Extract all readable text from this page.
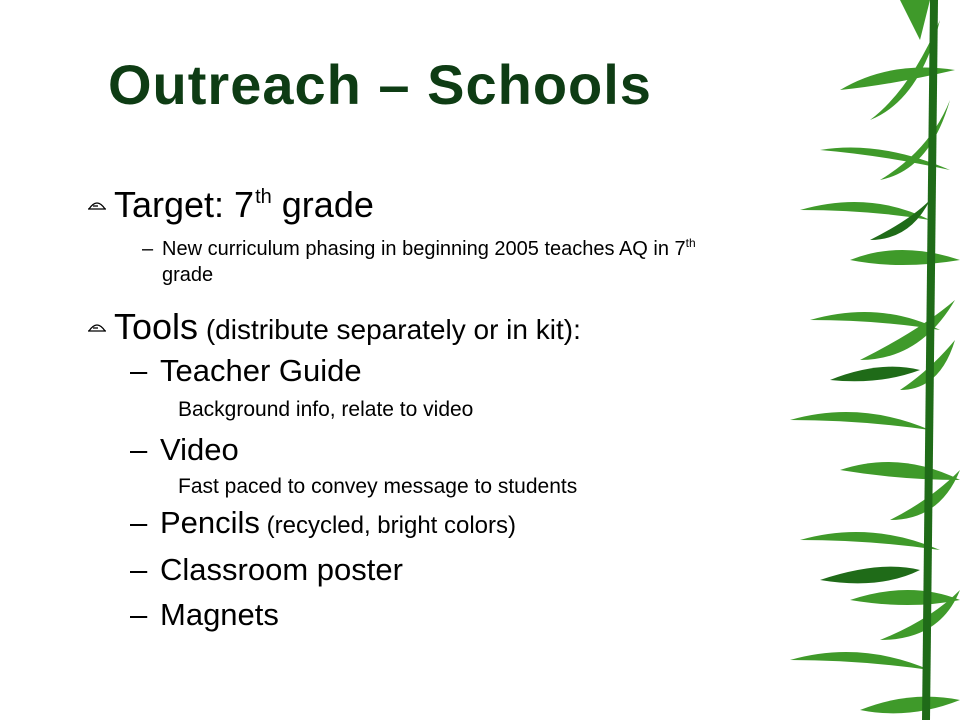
Outreach – Schools
Target: 7th grade
– New curriculum phasing in beginning 2005 teaches AQ in 7th
grade
Tools (distribute separately or in kit):
– Teacher Guide
Background info, relate to video
– Video
Fast paced to convey message to students
– Pencils (recycled, bright colors)
– Classroom poster
– Magnets
